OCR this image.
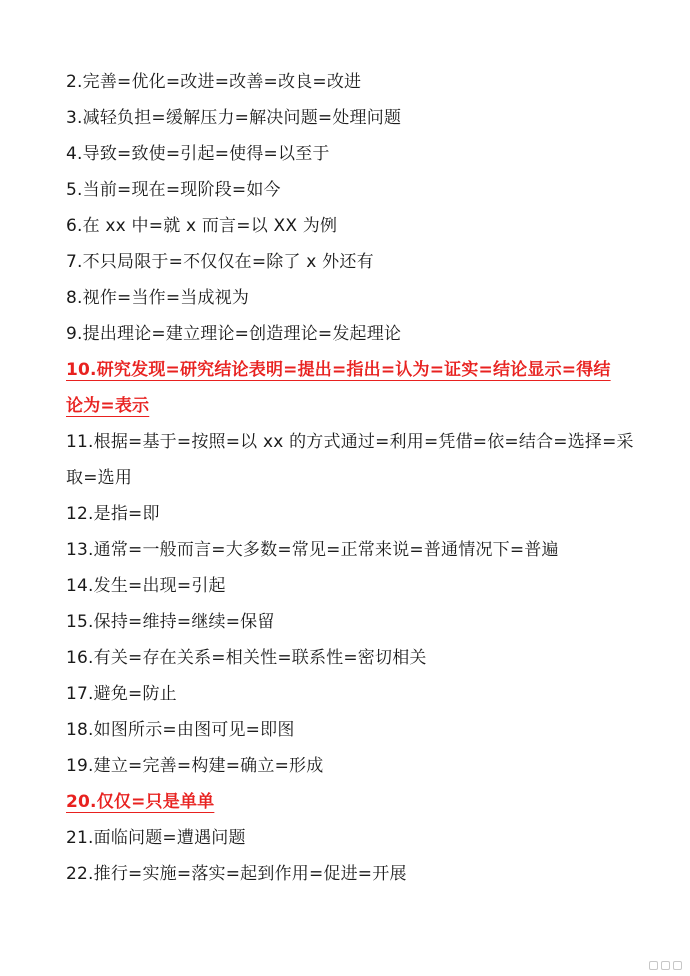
2.完善=优化=改进=改善=改良=改进
3.减轻负担=缓解压力=解决问题=处理问题
4.导致=致使=引起=使得=以至于
5.当前=现在=现阶段=如今
6.在 xx 中=就 x 而言=以 XX 为例
7.不只局限于=不仅仅在=除了 x 外还有
8.视作=当作=当成视为
9.提出理论=建立理论=创造理论=发起理论
10.研究发现=研究结论表明=提出=指出=认为=证实=结论显示=得结
论为=表示
11.根据=基于=按照=以 xx 的方式通过=利用=凭借=依=结合=选择=采
取=选用
12.是指=即
13.通常=一般而言=大多数=常见=正常来说=普通情况下=普遍
14.发生=出现=引起
15.保持=维持=继续=保留
16.有关=存在关系=相关性=联系性=密切相关
17.避免=防止
18.如图所示=由图可见=即图
19.建立=完善=构建=确立=形成
20.仅仅=只是单单
21.面临问题=遭遇问题
22.推行=实施=落实=起到作用=促进=开展
